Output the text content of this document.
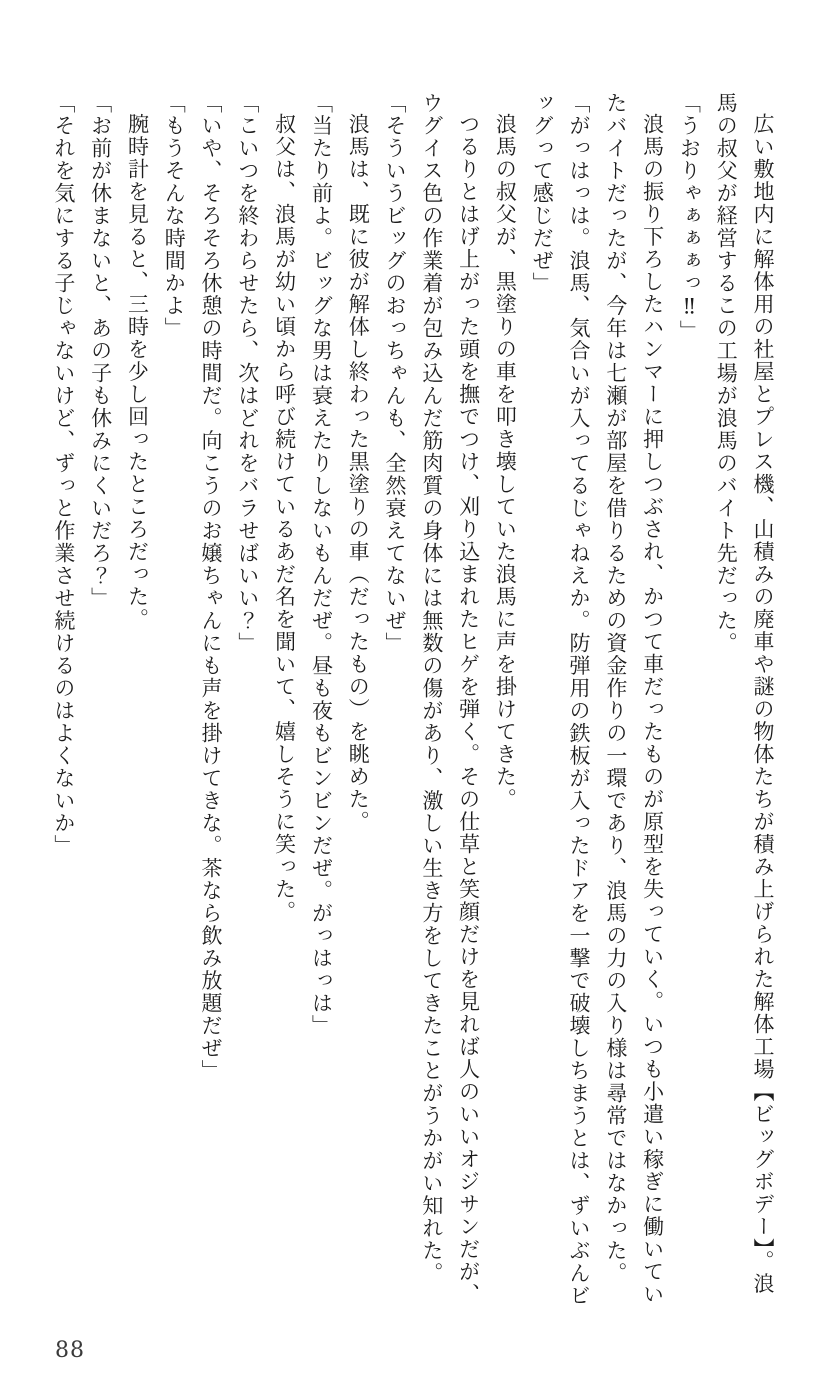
広い敷地内に解体用の社屋とプレス機、山積みの廃車や謎の物体たちが積み上げられた解体工場【ビッグボデー】。浪馬の叔父が経営するこの工場が浪馬のバイト先だった。

「うおりゃぁぁぁっ‼」

浪馬の振り下ろしたハンマーに押しつぶされ、かつて車だったものが原型を失っていく。いつも小遣い稼ぎに働いていたバイトだったが、今年は七瀬が部屋を借りるための資金作りの一環であり、浪馬の力の入り様は尋常ではなかった。

「がっはっは。浪馬、気合いが入ってるじゃねえか。防弾用の鉄板が入ったドアを一撃で破壊しちまうとは、ずいぶんビッグって感じだぜ」

浪馬の叔父が、黒塗りの車を叩き壊していた浪馬に声を掛けてきた。

つるりとはげ上がった頭を撫でつけ、刈り込まれたヒゲを弾く。その仕草と笑顔だけを見れば人のいいオジサンだが、ウグイス色の作業着が包み込んだ筋肉質の身体には無数の傷があり、激しい生き方をしてきたことがうかがい知れた。

「そういうビッグのおっちゃんも、全然衰えてないぜ」

浪馬は、既に彼が解体し終わった黒塗りの車（だったもの）を眺めた。

「当たり前よ。ビッグな男は衰えたりしないもんだぜ。昼も夜もビンビンだぜ。がっはっは」

叔父は、浪馬が幼い頃から呼び続けているあだ名を聞いて、嬉しそうに笑った。

「こいつを終わらせたら、次はどれをバラせばいい？」

「いや、そろそろ休憩の時間だ。向こうのお嬢ちゃんにも声を掛けてきな。茶なら飲み放題だぜ」

「もうそんな時間かよ」

腕時計を見ると、三時を少し回ったところだった。

「お前が休まないと、あの子も休みにくいだろ？」

「それを気にする子じゃないけど、ずっと作業させ続けるのはよくないか」

88
